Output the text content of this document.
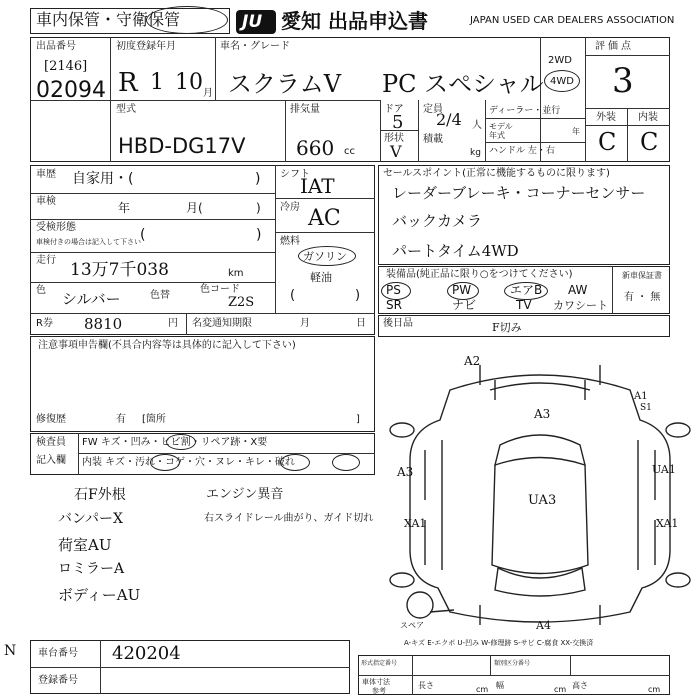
車内保管・守衛保管	JU 愛知 出品申込書	JAPAN USED CAR DEALERS ASSOCIATION
出品番号
[2146]
02094
初度登録年月
R 1 10 月
車名・グレード
スクラムV PC スペシャル
2WD
4WD
評価点
3
外装 内装
C C
型式
HBD-DG17V
排気量
660 cc
ドア
5
形状
V
定員
2/4 人
積載
kg
ディーラー・並行
モデル
年式	年
ハンドル 左・右
車歴 自家用・(	)
車検	年	月(	)
受検形態
車検付きの場合は記入して下さい (	)
走行 13万7千038	km
色 シルバー	色替
色コード
Z2S
シフト
IAT
冷房 AC
燃料
ガソリン
軽油
(	)
R券 8810	円 名変通知期限	月	日
セールスポイント(正常に機能するものに限ります)
レーダーブレーキ・コーナーセンサー
バックカメラ
パートタイム4WD
装備品(純正品に限り○をつけてください)
PS	PW	エアB AW
SR	ナビ	TV カワシート
新車保証書
有 ・ 無
後日品	F切み
注意事項申告欄(不具合内容等は具体的に記入して下さい)
修復歴	有 [箇所	]
検査員
記入欄
FW キズ・凹み・ヒビ割・リペア跡・X要
内装 キズ・汚れ・コゲ・穴・ヌレ・キレ・破れ
石F外根
バンパーX
荷室AU
ロミラーA
ボディーAU
エンジン異音
右スライドレール曲がり、ガイド切れ
A2
A3
A1
S1
A3
UA3
UA1
XA1
XA1
A4
スペア
A-キズ E-エクボ U-凹み W-修理跡 S-サビ C-腐食 XX-交換済
N 車台番号 420204
登録番号
形式指定番号	類別区分番号
車体寸法
参考
長さ	cm 幅	cm 高さ	cm
